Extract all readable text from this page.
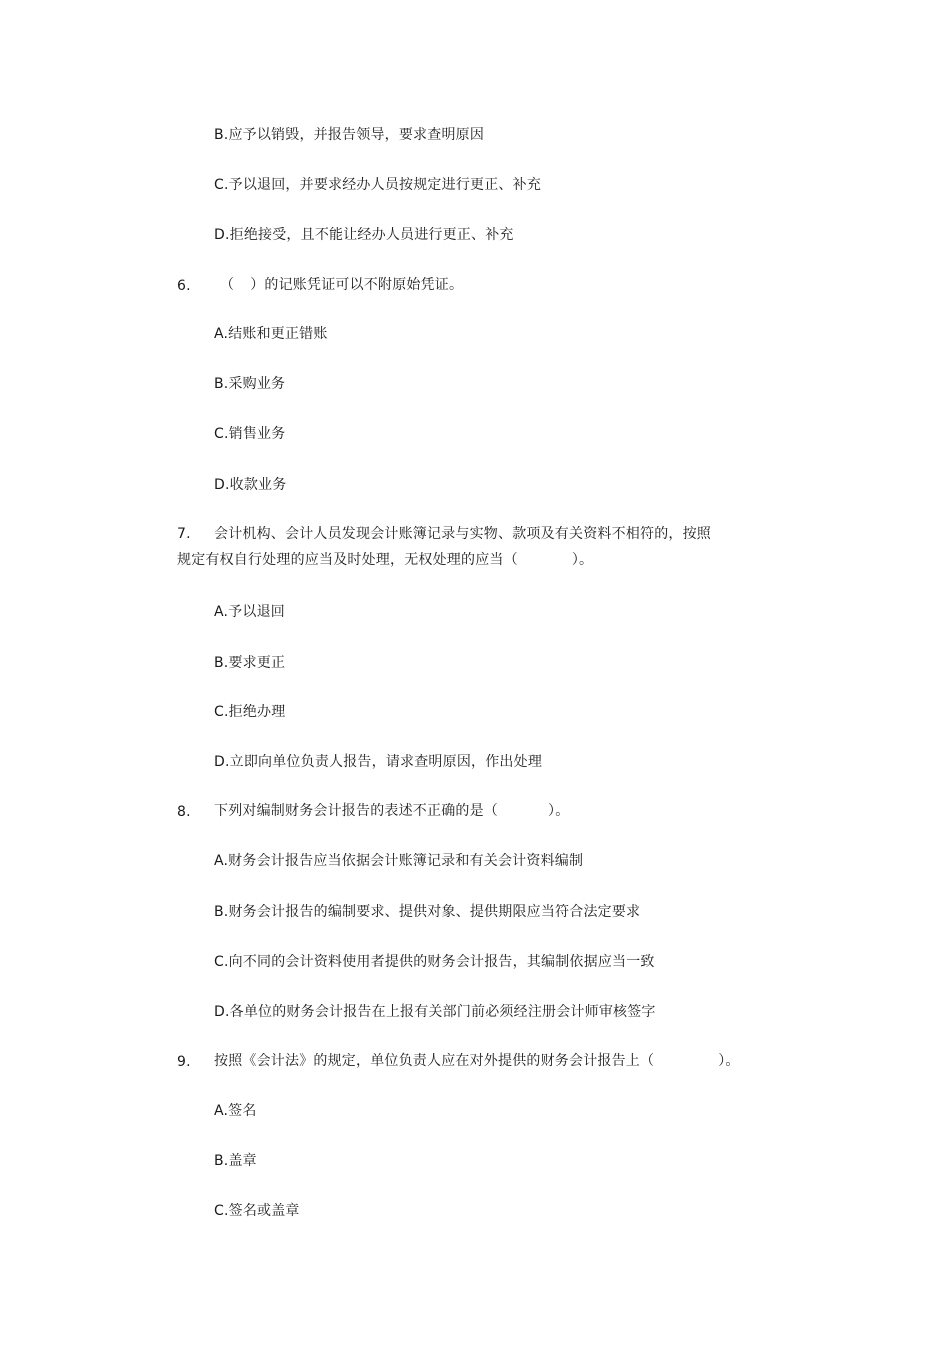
B.应予以销毁，并报告领导，要求查明原因
C.予以退回，并要求经办人员按规定进行更正、补充
D.拒绝接受，且不能让经办人员进行更正、补充
6. （ ）的记账凭证可以不附原始凭证。
A.结账和更正错账
B.采购业务
C.销售业务
D.收款业务
7. 会计机构、会计人员发现会计账簿记录与实物、款项及有关资料不相符的，按照
规定有权自行处理的应当及时处理，无权处理的应当（	）。
A.予以退回
B.要求更正
C.拒绝办理
D.立即向单位负责人报告，请求查明原因，作出处理
8. 下列对编制财务会计报告的表述不正确的是（	）。
A.财务会计报告应当依据会计账簿记录和有关会计资料编制
B.财务会计报告的编制要求、提供对象、提供期限应当符合法定要求
C.向不同的会计资料使用者提供的财务会计报告，其编制依据应当一致
D.各单位的财务会计报告在上报有关部门前必须经注册会计师审核签字
9. 按照《会计法》的规定，单位负责人应在对外提供的财务会计报告上（	）。
A.签名
B.盖章
C.签名或盖章
